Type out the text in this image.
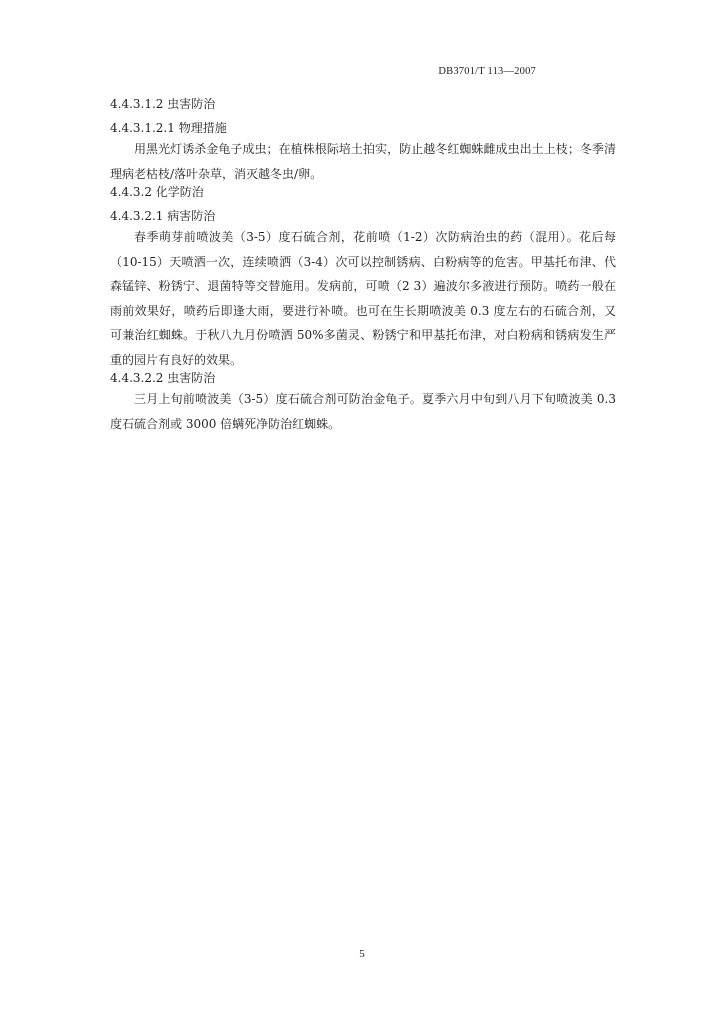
DB3701/T 113—2007
4.4.3.1.2 虫害防治
4.4.3.1.2.1 物理措施

用黑光灯诱杀金龟子成虫；在植株根际培土拍实，防止越冬红蜘蛛雌成虫出土上枝；冬季清理病老枯枝/落叶杂草，消灭越冬虫/卵。

4.4.3.2 化学防治
4.4.3.2.1 病害防治

春季萌芽前喷波美（3-5）度石硫合剂，花前喷（1-2）次防病治虫的药（混用）。花后每（10-15）天喷洒一次，连续喷洒（3-4）次可以控制锈病、白粉病等的危害。甲基托布津、代森锰锌、粉锈宁、退菌特等交替施用。发病前，可喷（2 3）遍波尔多液进行预防。喷药一般在雨前效果好，喷药后即逢大雨，要进行补喷。也可在生长期喷波美 0.3 度左右的石硫合剂，又可兼治红蜘蛛。于秋八九月份喷洒 50%多菌灵、粉锈宁和甲基托布津，对白粉病和锈病发生严重的园片有良好的效果。

4.4.3.2.2 虫害防治

三月上旬前喷波美（3-5）度石硫合剂可防治金龟子。夏季六月中旬到八月下旬喷波美 0.3 度石硫合剂或 3000 倍螨死净防治红蜘蛛。

5
